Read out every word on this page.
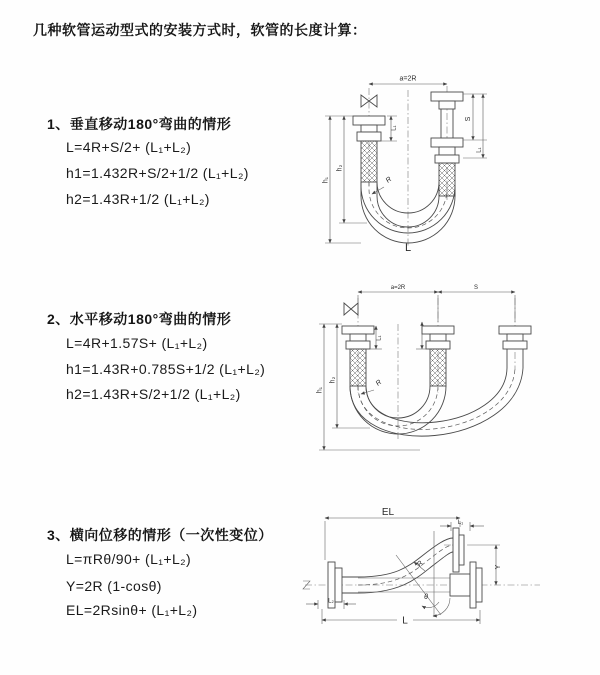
几种软管运动型式的安装方式时，软管的长度计算：
1、垂直移动180°弯曲的情形
L=4R+S/2+ (L₁+L₂)
h1=1.432R+S/2+1/2 (L₁+L₂)
h2=1.43R+1/2 (L₁+L₂)
a=2R
R
L
h₁
h₂
L₁
S
L₁
2、水平移动180°弯曲的情形
L=4R+1.57S+ (L₁+L₂)
h1=1.43R+0.785S+1/2 (L₁+L₂)
h2=1.43R+S/2+1/2 (L₁+L₂)
a=2R	S
R
h₁
h₂
L₁
3、横向位移的情形（一次性变位）
L=πRθ/90+ (L₁+L₂)
Y=2R (1-cosθ)
EL=2Rsinθ+ (L₁+L₂)
EL
L₁
Y
R
θ
L
L₂
